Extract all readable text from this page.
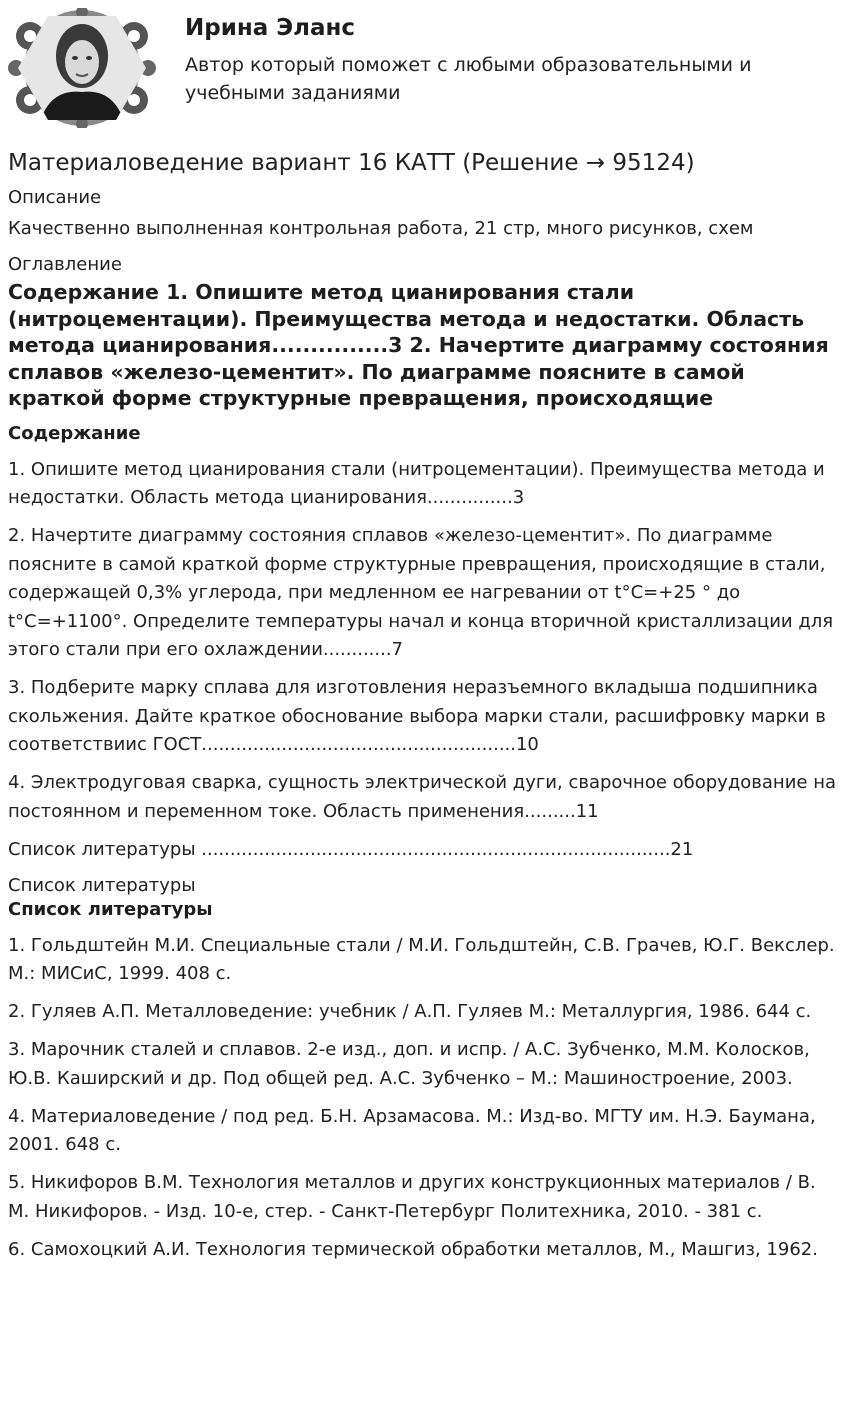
Ирина Эланс
Автор который поможет с любыми образовательными и учебными заданиями
Материаловедение вариант 16 КАТТ (Решение → 95124)
Описание
Качественно выполненная контрольная работа, 21 стр, много рисунков, схем
Оглавление
Содержание 1. Опишите метод цианирования стали (нитроцементации). Преимущества метода и недостатки. Область метода цианирования...............3 2. Начертите диаграмму состояния сплавов «железо-цементит». По диаграмме поясните в самой краткой форме структурные превращения, происходящие
Содержание
1. Опишите метод цианирования стали (нитроцементации). Преимущества метода и недостатки. Область метода цианирования...............3
2. Начертите диаграмму состояния сплавов «железо-цементит». По диаграмме поясните в самой краткой форме структурные превращения, происходящие в стали, содержащей 0,3% углерода, при медленном ее нагревании от t°C=+25 ° до t°C=+1100°. Определите температуры начал и конца вторичной кристаллизации для этого стали при его охлаждении............7
3. Подберите марку сплава для изготовления неразъемного вкладыша подшипника скольжения. Дайте краткое обоснование выбора марки стали, расшифровку марки в соответствиис ГОСТ.......................................................10
4. Электродуговая сварка, сущность электрической дуги, сварочное оборудование на постоянном и переменном токе. Область применения.........11
Список литературы ..................................................................................21
Список литературы
Список литературы
1. Гольдштейн М.И. Специальные стали / М.И. Гольдштейн, С.В. Грачев, Ю.Г. Векслер. М.: МИСиС, 1999. 408 с.
2. Гуляев А.П. Металловедение: учебник / А.П. Гуляев М.: Металлургия, 1986. 644 с.
3. Марочник сталей и сплавов. 2-е изд., доп. и испр. / А.С. Зубченко, М.М. Колосков, Ю.В. Каширский и др. Под общей ред. А.С. Зубченко – М.: Машиностроение, 2003.
4. Материаловедение / под ред. Б.Н. Арзамасова. М.: Изд-во. МГТУ им. Н.Э. Баумана, 2001. 648 с.
5. Никифоров В.М. Технология металлов и других конструкционных материалов / В. М. Никифоров. - Изд. 10-е, стер. - Санкт-Петербург Политехника, 2010. - 381 с.
6. Самохоцкий А.И. Технология термической обработки металлов, М., Машгиз, 1962.
